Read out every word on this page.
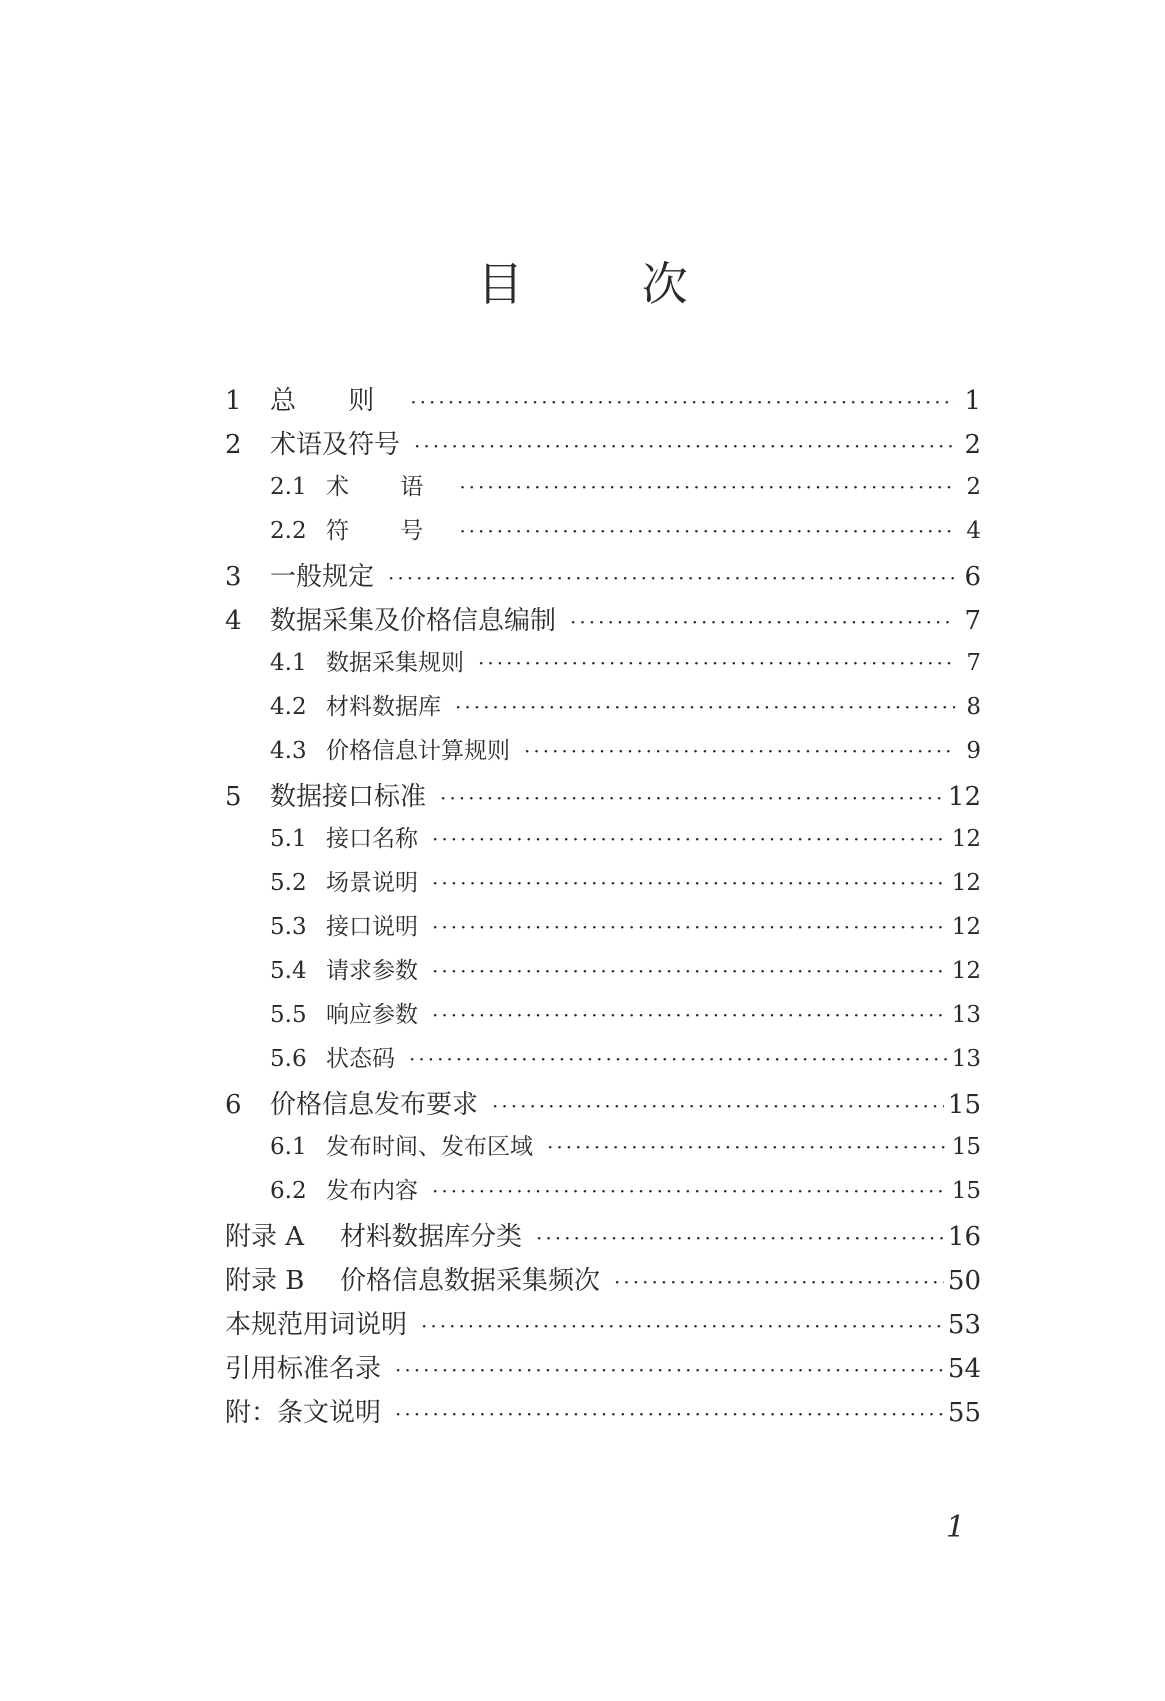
目 次
1	总 则 ·····	1
2	术语及符号 ·····	2
2.1 术 语 ·····	2
2.2 符 号 ·····	4
3	一般规定 ·····	6
4	数据采集及价格信息编制 ·····	7
4.1 数据采集规则 ·····	7
4.2 材料数据库 ·····	8
4.3 价格信息计算规则 ·····	9
5	数据接口标准 ·····	12
5.1 接口名称 ·····	12
5.2 场景说明 ·····	12
5.3 接口说明 ·····	12
5.4 请求参数 ·····	12
5.5 响应参数 ·····	13
5.6 状态码 ·····	13
6	价格信息发布要求 ·····	15
6.1 发布时间、发布区域 ·····	15
6.2 发布内容 ·····	15
附录 A	材料数据库分类 ·····	16
附录 B	价格信息数据采集频次 ·····	50
本规范用词说明 ·····	53
引用标准名录 ·····	54
附：条文说明 ·····	55
1
